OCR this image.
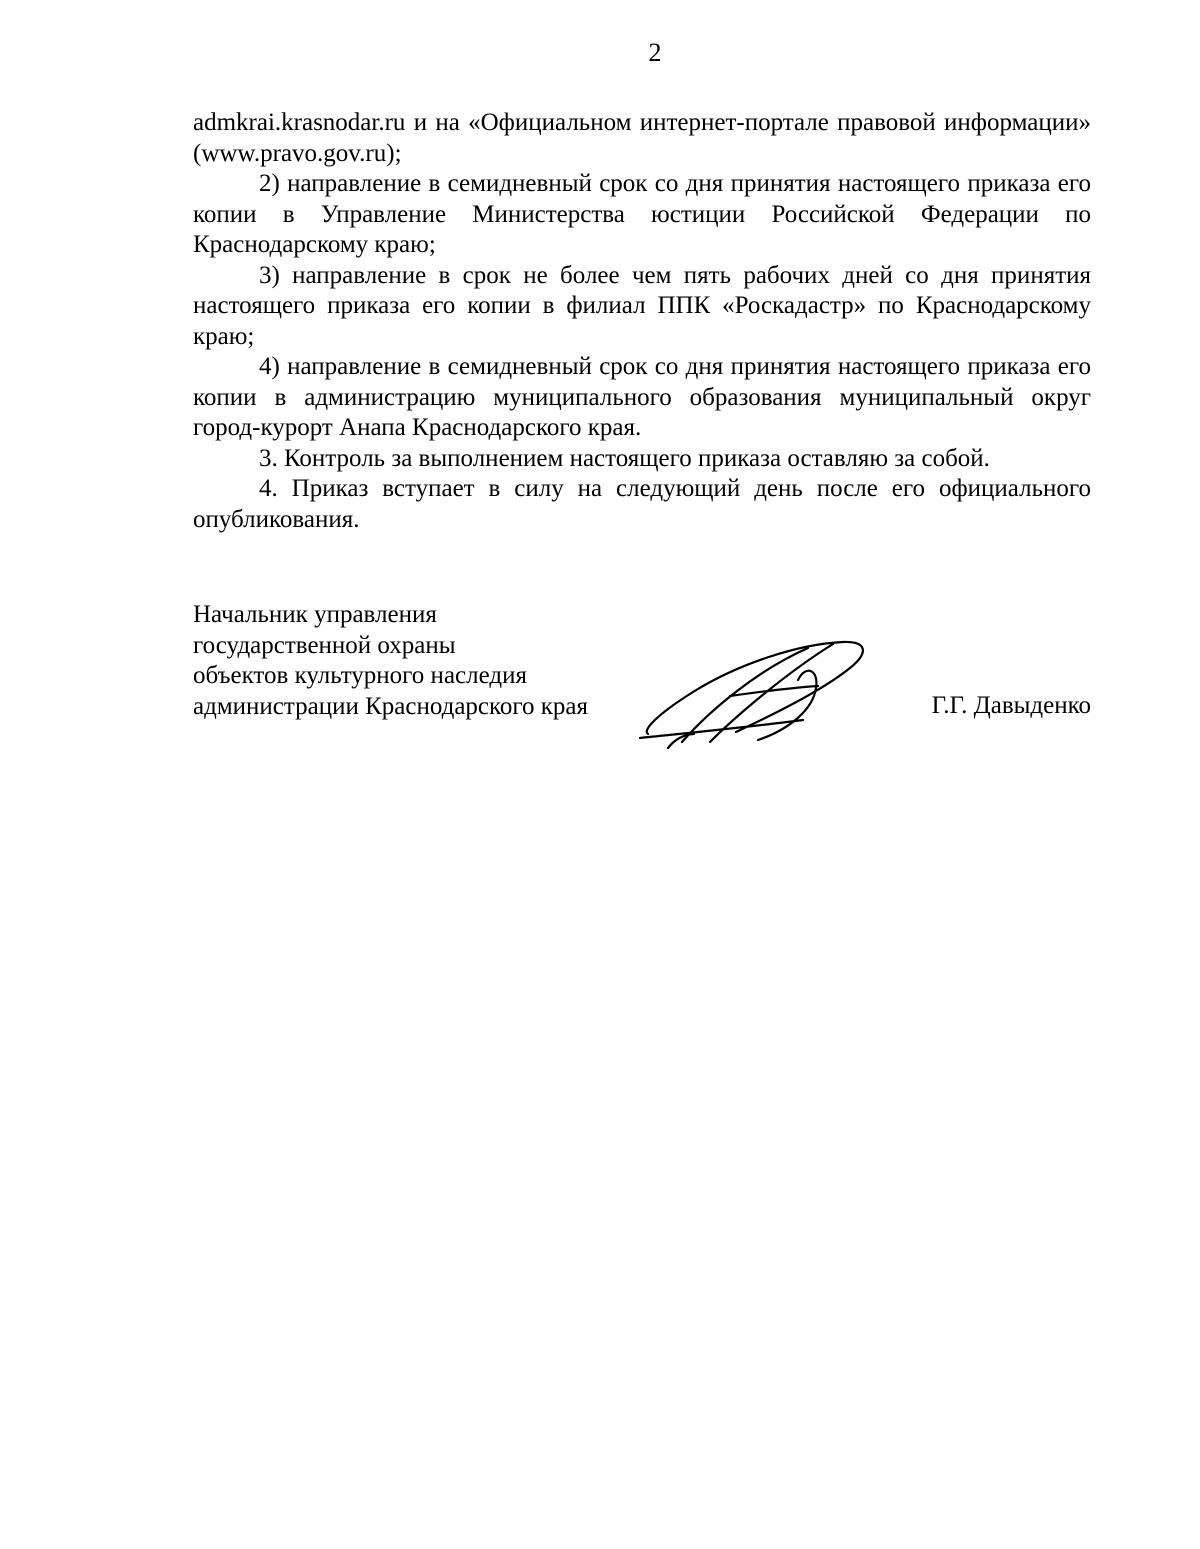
2

admkrai.krasnodar.ru и на «Официальном интернет-портале правовой информации» (www.pravo.gov.ru);

2) направление в семидневный срок со дня принятия настоящего приказа его копии в Управление Министерства юстиции Российской Федерации по Краснодарскому краю;

3) направление в срок не более чем пять рабочих дней со дня принятия настоящего приказа его копии в филиал ППК «Роскадастр» по Краснодарскому краю;

4) направление в семидневный срок со дня принятия настоящего приказа его копии в администрацию муниципального образования муниципальный округ город-курорт Анапа Краснодарского края.

3. Контроль за выполнением настоящего приказа оставляю за собой.

4. Приказ вступает в силу на следующий день после его официального опубликования.

Начальник управления
государственной охраны
объектов культурного наследия
администрации Краснодарского края	Г.Г. Давыденко
